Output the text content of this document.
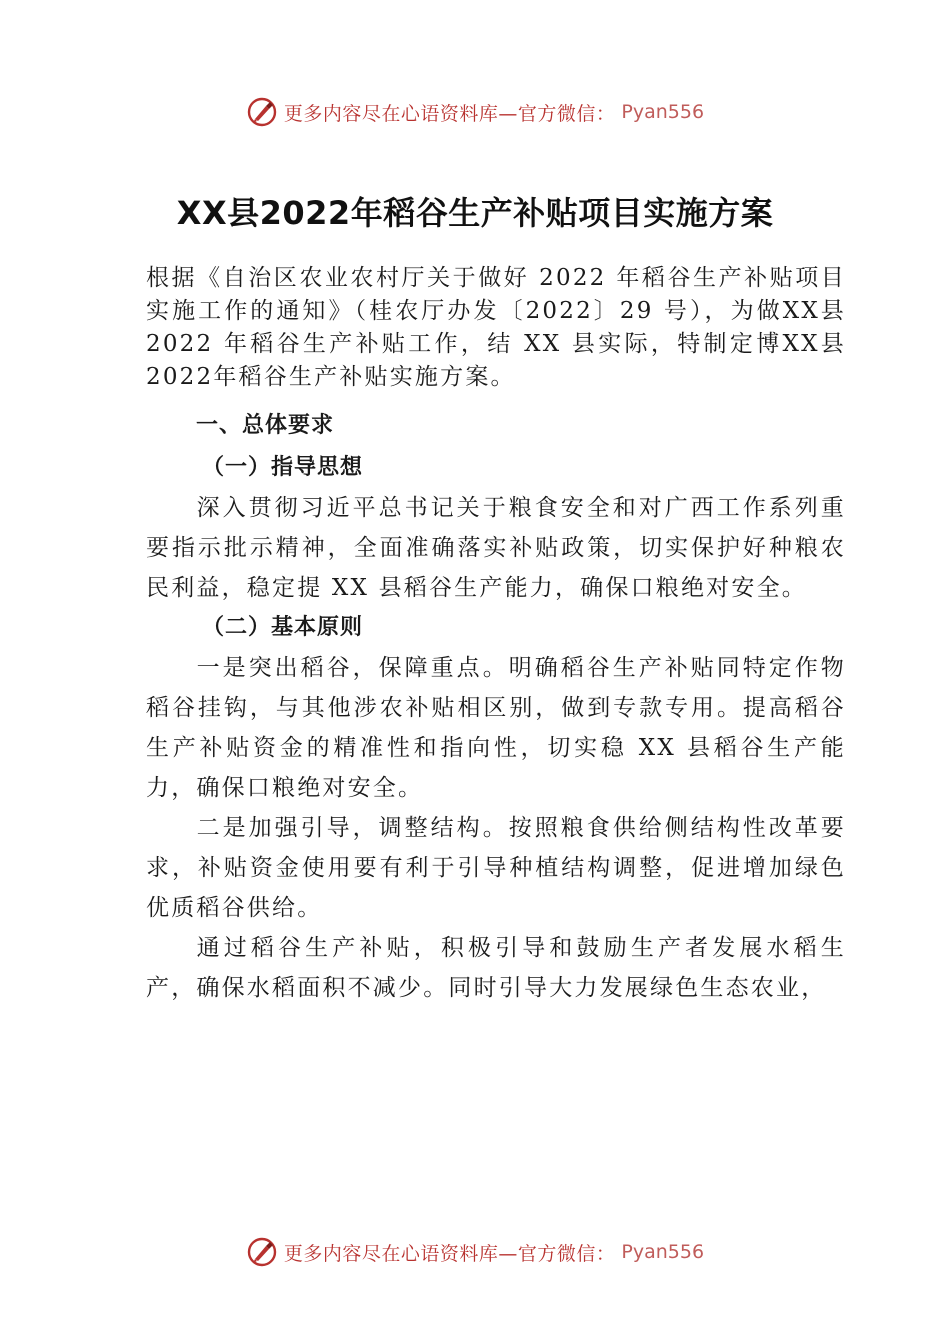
更多内容尽在心语资料库—官方微信： Pyan556
XX县2022年稻谷生产补贴项目实施方案

根据《自治区农业农村厅关于做好 2022 年稻谷生产补贴项目实施工作的通知》（桂农厅办发〔2022〕29 号），为做XX县2022 年稻谷生产补贴工作，结 XX 县实际，特制定博XX县 2022年稻谷生产补贴实施方案。

一、总体要求
（一）指导思想

深入贯彻习近平总书记关于粮食安全和对广西工作系列重要指示批示精神，全面准确落实补贴政策，切实保护好种粮农民利益，稳定提 XX 县稻谷生产能力，确保口粮绝对安全。

（二）基本原则

一是突出稻谷，保障重点。明确稻谷生产补贴同特定作物稻谷挂钩，与其他涉农补贴相区别，做到专款专用。提高稻谷生产补贴资金的精准性和指向性，切实稳 XX 县稻谷生产能力，确保口粮绝对安全。

二是加强引导，调整结构。按照粮食供给侧结构性改革要求，补贴资金使用要有利于引导种植结构调整，促进增加绿色优质稻谷供给。

通过稻谷生产补贴，积极引导和鼓励生产者发展水稻生产，确保水稻面积不减少。同时引导大力发展绿色生态农业，

更多内容尽在心语资料库—官方微信： Pyan556
